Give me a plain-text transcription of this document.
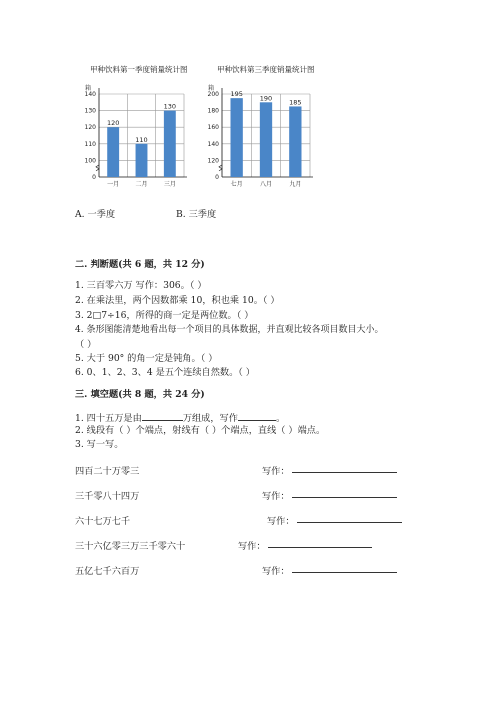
甲种饮料第一季度销量统计图
箱
0
100
110
120
130
140
120
一月
110
二月
130
三月
甲种饮料第三季度销量统计图
箱
0
120
140
160
180
200 195
七月
190
八月
185
九月
A. 一季度	B. 三季度
二. 判断题(共 6 题，共 12 分)
1. 三百零六万 写作：306。（ ）
2. 在乘法里，两个因数都乘 10，积也乘 10。（ ）
3. 2□7÷16，所得的商一定是两位数。（ ）
4. 条形图能清楚地看出每一个项目的具体数据，并直观比较各项目数目大小。
（ ）
5. 大于 90° 的角一定是钝角。（ ）
6. 0、1、2、3、4 是五个连续自然数。（ ）
三. 填空题(共 8 题，共 24 分)
1. 四十五万是由	万组成，写作	。
2. 线段有（ ）个端点，射线有（ ）个端点，直线（ ）端点。
3. 写一写。
四百二十万零三	写作：
三千零八十四万	写作：
六十七万七千	写作：
三十六亿零三万三千零六十	写作：
五亿七千六百万	写作：
